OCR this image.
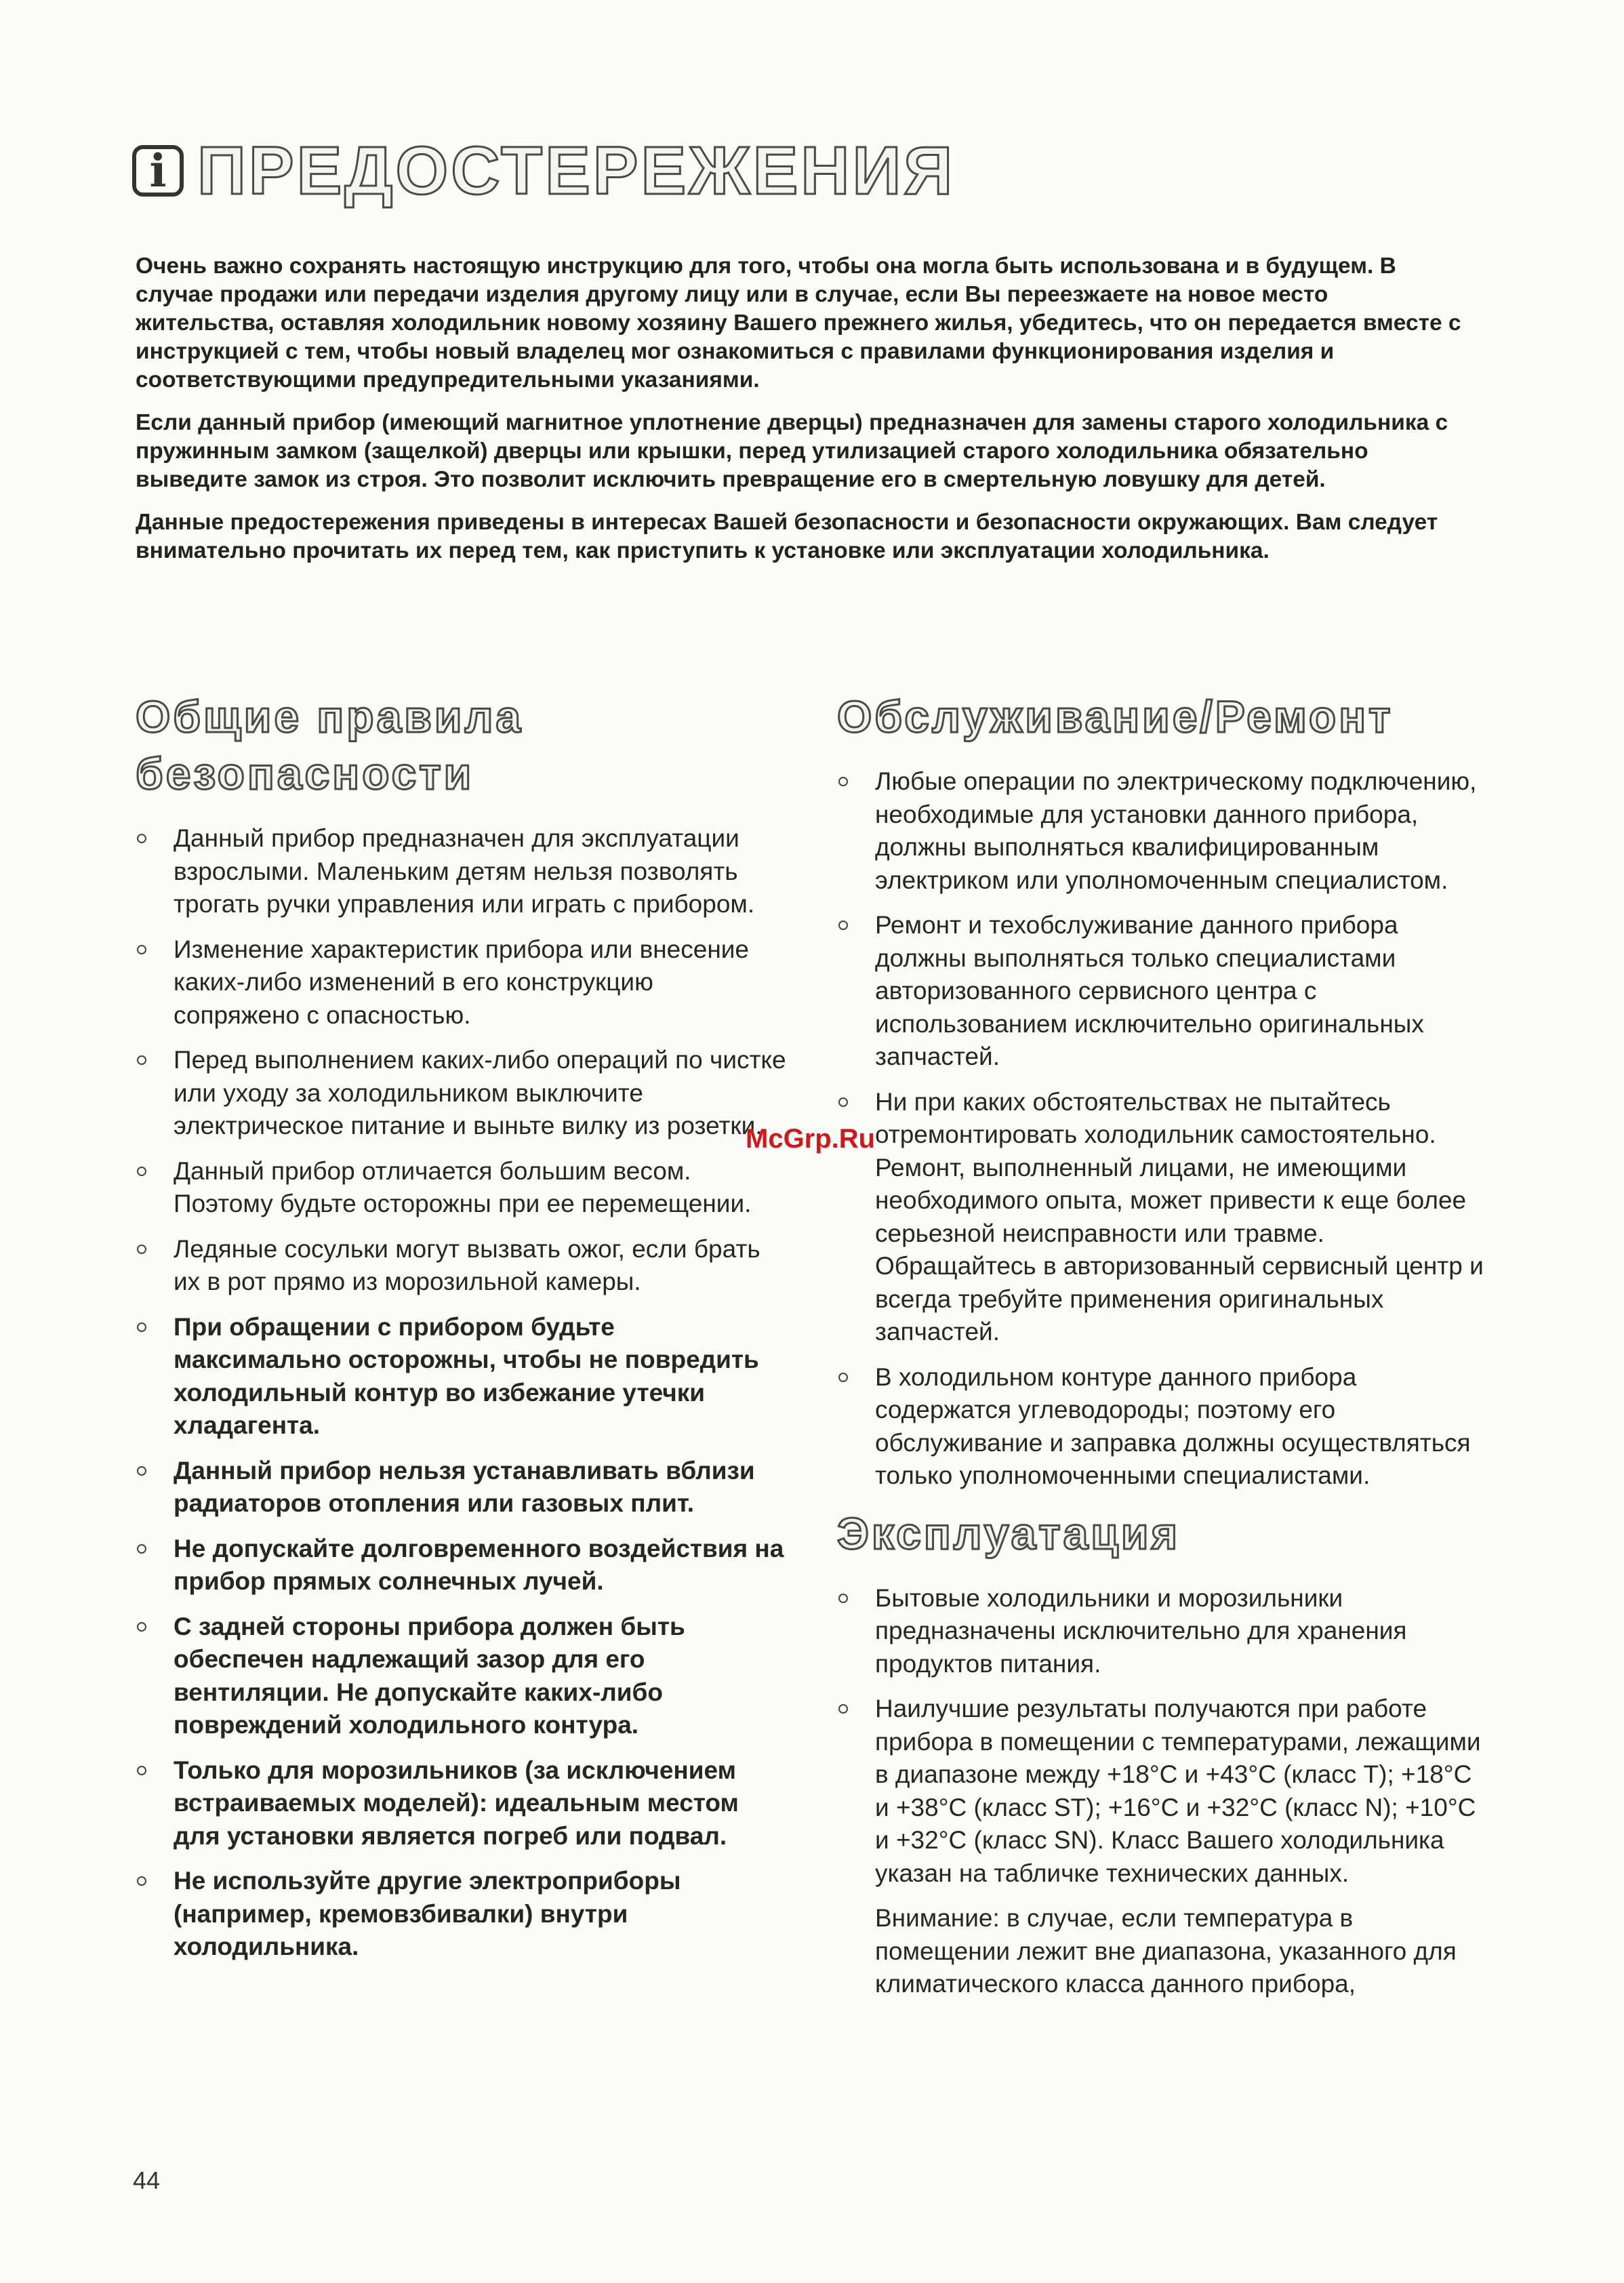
i ПРЕДОСТЕРЕЖЕНИЯ

Очень важно сохранять настоящую инструкцию для того, чтобы она могла быть использована и в будущем. В случае продажи или передачи изделия другому лицу или в случае, если Вы переезжаете на новое место жительства, оставляя холодильник новому хозяину Вашего прежнего жилья, убедитесь, что он передается вместе с инструкцией с тем, чтобы новый владелец мог ознакомиться с правилами функционирования изделия и соответствующими предупредительными указаниями.

Если данный прибор (имеющий магнитное уплотнение дверцы) предназначен для замены старого холодильника с пружинным замком (защелкой) дверцы или крышки, перед утилизацией старого холодильника обязательно выведите замок из строя. Это позволит исключить превращение его в смертельную ловушку для детей.

Данные предостережения приведены в интересах Вашей безопасности и безопасности окружающих. Вам следует внимательно прочитать их перед тем, как приступить к установке или эксплуатации холодильника.

Общие правила
безопасности
Данный прибор предназначен для эксплуатации взрослыми. Маленьким детям нельзя позволять трогать ручки управления или играть с прибором.
Изменение характеристик прибора или внесение каких-либо изменений в его конструкцию сопряжено с опасностью.
Перед выполнением каких-либо операций по чистке или уходу за холодильником выключите электрическое питание и выньте вилку из розетки.
Данный прибор отличается большим весом. Поэтому будьте осторожны при ее перемещении.
Ледяные сосульки могут вызвать ожог, если брать их в рот прямо из морозильной камеры.
При обращении с прибором будьте максимально осторожны, чтобы не повредить холодильный контур во избежание утечки хладагента.
Данный прибор нельзя устанавливать вблизи радиаторов отопления или газовых плит.
Не допускайте долговременного воздействия на прибор прямых солнечных лучей.
С задней стороны прибора должен быть обеспечен надлежащий зазор для его вентиляции. Не допускайте каких-либо повреждений холодильного контура.
Только для морозильников (за исключением встраиваемых моделей): идеальным местом для установки является погреб или подвал.
Не используйте другие электроприборы (например, кремовзбивалки) внутри холодильника.
Обслуживание/Ремонт
Любые операции по электрическому подключению, необходимые для установки данного прибора, должны выполняться квалифицированным электриком или уполномоченным специалистом.
Ремонт и техобслуживание данного прибора должны выполняться только специалистами авторизованного сервисного центра с использованием исключительно оригинальных запчастей.
Ни при каких обстоятельствах не пытайтесь отремонтировать холодильник самостоятельно. Ремонт, выполненный лицами, не имеющими необходимого опыта, может привести к еще более серьезной неисправности или травме. Обращайтесь в авторизованный сервисный центр и всегда требуйте применения оригинальных запчастей.
В холодильном контуре данного прибора содержатся углеводороды; поэтому его обслуживание и заправка должны осуществляться только уполномоченными специалистами.
Эксплуатация
Бытовые холодильники и морозильники предназначены исключительно для хранения продуктов питания.
Наилучшие результаты получаются при работе прибора в помещении с температурами, лежащими в диапазоне между +18°C и +43°C (класс T); +18°C и +38°C (класс ST); +16°C и +32°C (класс N); +10°C и +32°C (класс SN). Класс Вашего холодильника указан на табличке технических данных.

Внимание: в случае, если температура в помещении лежит вне диапазона, указанного для климатического класса данного прибора,

McGrp.Ru
44
